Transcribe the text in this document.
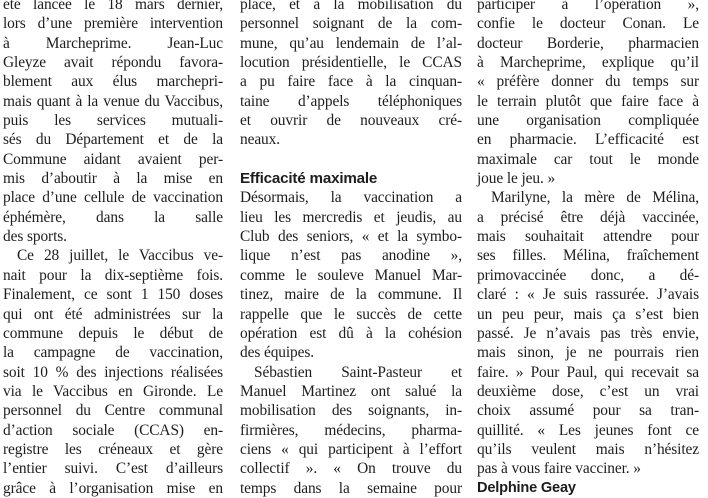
été lancée le 18 mars dernier,
lors d’une première intervention
à Marcheprime. Jean-Luc
Gleyze avait répondu favora-
blement aux élus marchepri-
mais quant à la venue du Vaccibus,
puis les services mutuali-
sés du Département et de la
Commune aidant avaient per-
mis d’aboutir à la mise en
place d’une cellule de vaccination
éphémère, dans la salle
des sports.
Ce 28 juillet, le Vaccibus ve-
nait pour la dix-septième fois.
Finalement, ce sont 1 150 doses
qui ont été administrées sur la
commune depuis le début de
la campagne de vaccination,
soit 10 % des injections réalisées
via le Vaccibus en Gironde. Le
personnel du Centre communal
d’action sociale (CCAS) en-
registre les créneaux et gère
l’entier suivi. C’est d’ailleurs
grâce à l’organisation mise en
place, et à la mobilisation du
personnel soignant de la com-
mune, qu’au lendemain de l’al-
locution présidentielle, le CCAS
a pu faire face à la cinquan-
taine d’appels téléphoniques
et ouvrir de nouveaux cré-
neaux.
Efficacité maximale
Désormais, la vaccination a
lieu les mercredis et jeudis, au
Club des seniors, « et la symbo-
lique n’est pas anodine »,
comme le souleve Manuel Mar-
tinez, maire de la commune. Il
rappelle que le succès de cette
opération est dû à la cohésion
des équipes.
Sébastien Saint-Pasteur et
Manuel Martinez ont salué la
mobilisation des soignants, in-
firmières, médecins, pharma-
ciens « qui participent à l’effort
collectif ». « On trouve du
temps dans la semaine pour
participer à l’opération »,
confie le docteur Conan. Le
docteur Borderie, pharmacien
à Marcheprime, explique qu’il
« préfère donner du temps sur
le terrain plutôt que faire face à
une organisation compliquée
en pharmacie. L’efficacité est
maximale car tout le monde
joue le jeu. »
Marilyne, la mère de Mélina,
a précisé être déjà vaccinée,
mais souhaitait attendre pour
ses filles. Mélina, fraîchement
primovaccinée donc, a dé-
claré : « Je suis rassurée. J’avais
un peu peur, mais ça s’est bien
passé. Je n’avais pas très envie,
mais sinon, je ne pourrais rien
faire. » Pour Paul, qui recevait sa
deuxième dose, c’est un vrai
choix assumé pour sa tran-
quillité. « Les jeunes font ce
qu’ils veulent mais n’hésitez
pas à vous faire vacciner. »
Delphine Geay
